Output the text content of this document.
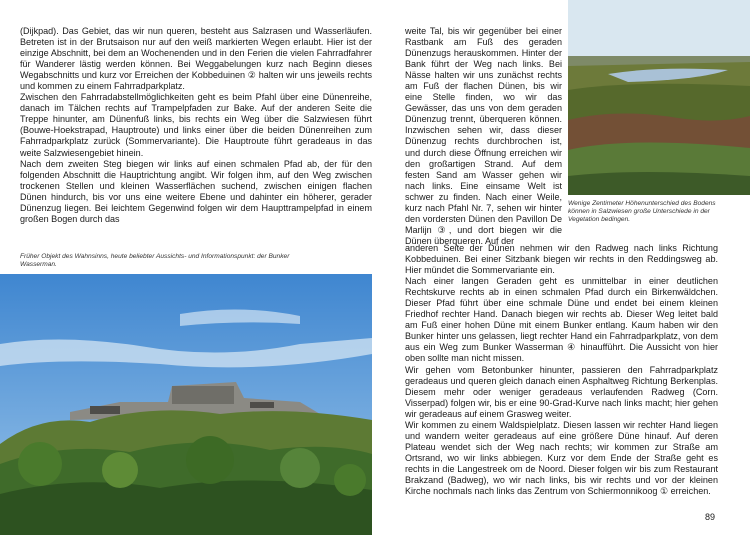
(Dijkpad). Das Gebiet, das wir nun queren, besteht aus Salzrasen und Wasserläufen. Betreten ist in der Brutsaison nur auf den weiß markierten Wegen erlaubt. Hier ist der einzige Abschnitt, bei dem an Wochenenden und in den Ferien die vielen Fahrradfahrer für Wanderer lästig werden können. Bei Weggabelungen kurz nach Beginn dieses Wegabschnitts und kurz vor Erreichen der Kobbeduinen ② halten wir uns jeweils rechts und kommen zu einem Fahrradparkplatz.

Zwischen den Fahrradabstellmöglichkeiten geht es beim Pfahl über eine Dünenreihe, danach im Tälchen rechts auf Trampelpfaden zur Bake. Auf der anderen Seite die Treppe hinunter, am Dünenfuß links, bis rechts ein Weg über die Salzwiesen führt (Bouwe-Hoekstrapad, Hauptroute) und links einer über die beiden Dünenreihen zum Fahrradparkplatz zurück (Sommervariante). Die Hauptroute führt geradeaus in das weite Salzwiesengebiet hinein.

Nach dem zweiten Steg biegen wir links auf einen schmalen Pfad ab, der für den folgenden Abschnitt die Hauptrichtung angibt. Wir folgen ihm, auf den Weg zwischen trockenen Stellen und kleinen Wasserflächen suchend, zwischen einigen flachen Dünen hindurch, bis vor uns eine weitere Ebene und dahinter ein höherer, gerader Dünenzug liegen. Bei leichtem Gegenwind folgen wir dem Haupttrampelpfad in einem großen Bogen durch das

Früher Objekt des Wahnsinns, heute beliebter Aussichts- und Informationspunkt: der Bunker Wasserman.

weite Tal, bis wir gegenüber bei einer Rastbank am Fuß des geraden Dünenzugs herauskommen. Hinter der Bank führt der Weg nach links. Bei Nässe halten wir uns zunächst rechts am Fuß der flachen Dünen, bis wir eine Stelle finden, wo wir das Gewässer, das uns von dem geraden Dünenzug trennt, überqueren können. Inzwischen sehen wir, dass dieser Dünenzug rechts durchbrochen ist, und durch diese Öffnung erreichen wir den großartigen Strand. Auf dem festen Sand am Wasser gehen wir nach links. Eine einsame Welt ist schwer zu finden. Nach einer Weile, kurz nach Pfahl Nr. 7, sehen wir hinter den vordersten Dünen den Pavillon De Marlijn ③, und dort biegen wir die Dünen überqueren. Auf der

Wenige Zentimeter Höhenunterschied des Bodens können in Salzwiesen große Unterschiede in der Vegetation bedingen.

anderen Seite der Dünen nehmen wir den Radweg nach links Richtung Kobbeduinen. Bei einer Sitzbank biegen wir rechts in den Reddingsweg ab. Hier mündet die Sommervariante ein.

Nach einer langen Geraden geht es unmittelbar in einer deutlichen Rechtskurve rechts ab in einen schmalen Pfad durch ein Birkenwäldchen. Dieser Pfad führt über eine schmale Düne und endet bei einem kleinen Friedhof rechter Hand. Danach biegen wir rechts ab. Dieser Weg leitet bald am Fuß einer hohen Düne mit einem Bunker entlang. Kaum haben wir den Bunker hinter uns gelassen, liegt rechter Hand ein Fahrradparkplatz, von dem aus ein Weg zum Bunker Wasserman ④ hinaufführt. Die Aussicht von hier oben sollte man nicht missen.

Wir gehen vom Betonbunker hinunter, passieren den Fahrradparkplatz geradeaus und queren gleich danach einen Asphaltweg Richtung Berkenplas. Diesem mehr oder weniger geradeaus verlaufenden Radweg (Corn. Visserpad) folgen wir, bis er eine 90-Grad-Kurve nach links macht; hier gehen wir geradeaus auf einem Grasweg weiter.

Wir kommen zu einem Waldspielplatz. Diesen lassen wir rechter Hand liegen und wandern weiter geradeaus auf eine größere Düne hinauf. Auf deren Plateau wendet sich der Weg nach rechts; wir kommen zur Straße am Ortsrand, wo wir links abbiegen. Kurz vor dem Ende der Straße geht es rechts in die Langestreek om de Noord. Dieser folgen wir bis zum Restaurant Brakzand (Badweg), wo wir nach links, bis wir rechts und vor der kleinen Kirche nochmals nach links das Zentrum von Schiermonnikoog ① erreichen.

89
